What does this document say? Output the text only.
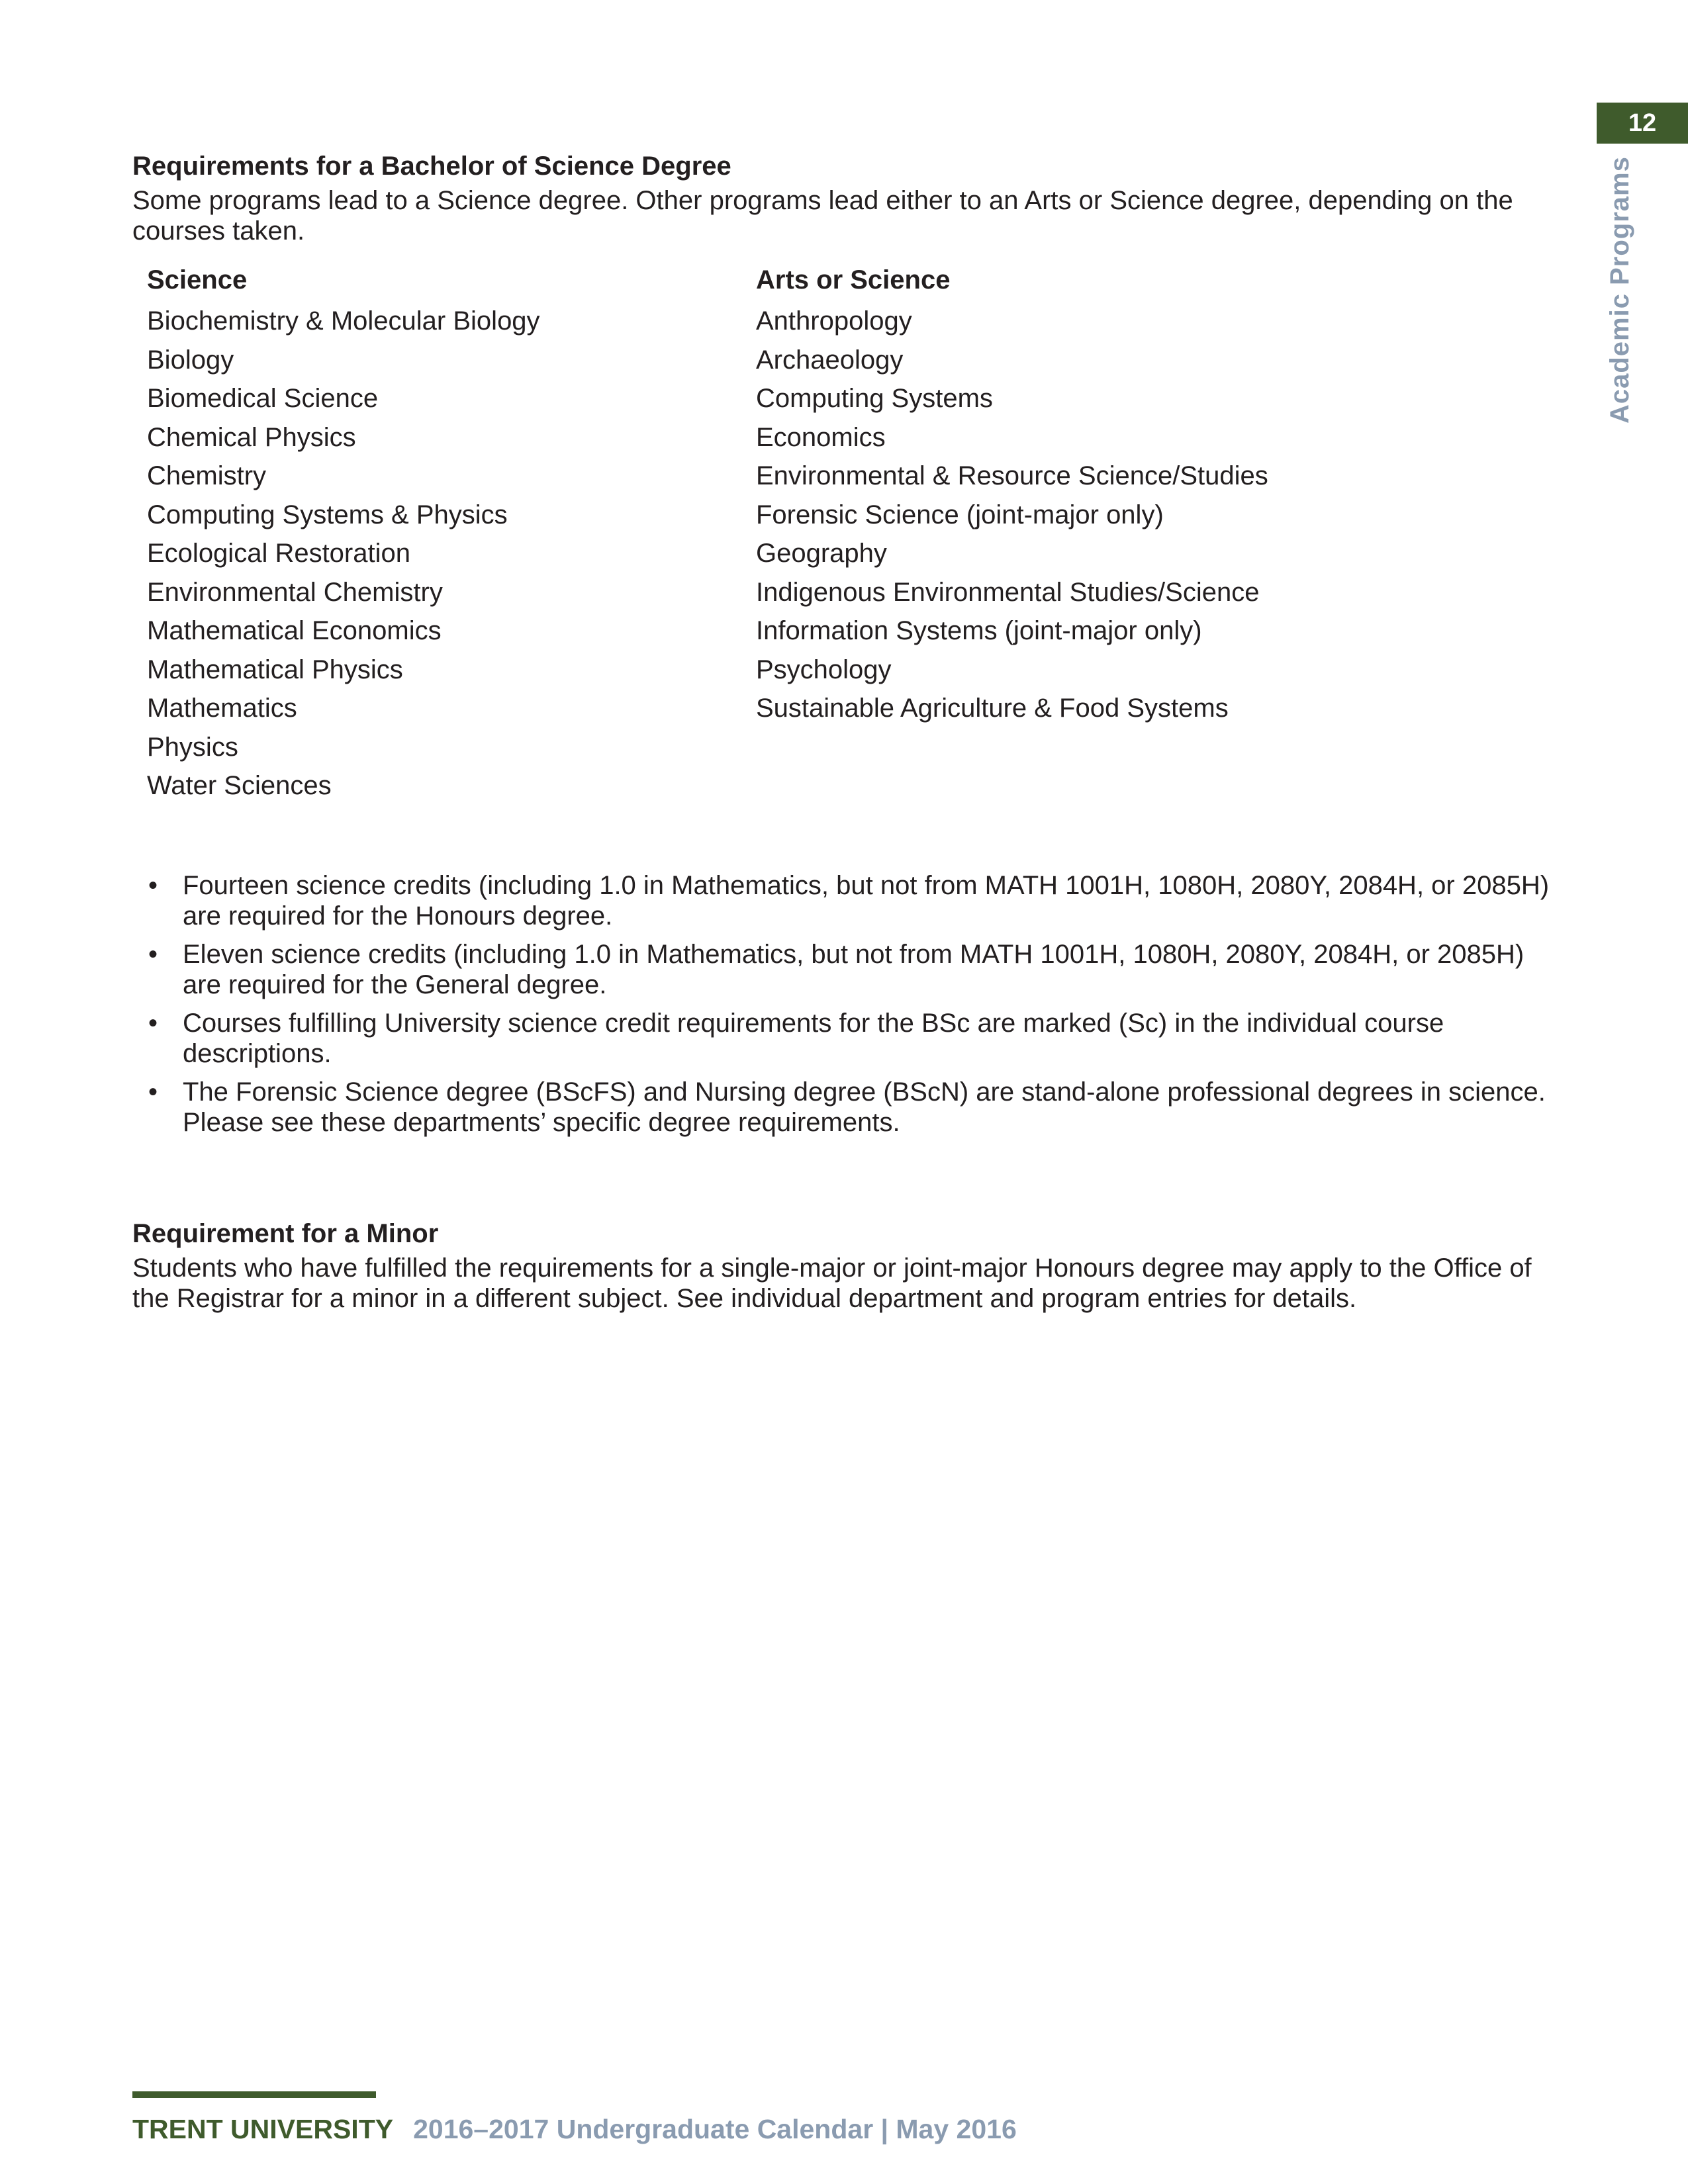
12
Academic Programs
Requirements for a Bachelor of Science Degree

Some programs lead to a Science degree. Other programs lead either to an Arts or Science degree, depending on the courses taken.

Science
Biochemistry & Molecular Biology
Biology
Biomedical Science
Chemical Physics
Chemistry
Computing Systems & Physics
Ecological Restoration
Environmental Chemistry
Mathematical Economics
Mathematical Physics
Mathematics
Physics
Water Sciences
Arts or Science
Anthropology
Archaeology
Computing Systems
Economics
Environmental & Resource Science/Studies
Forensic Science (joint-major only)
Geography
Indigenous Environmental Studies/Science
Information Systems (joint-major only)
Psychology
Sustainable Agriculture & Food Systems
• Fourteen science credits (including 1.0 in Mathematics, but not from MATH 1001H, 1080H, 2080Y, 2084H, or 2085H) are required for the Honours degree.
• Eleven science credits (including 1.0 in Mathematics, but not from MATH 1001H, 1080H, 2080Y, 2084H, or 2085H) are required for the General degree.
• Courses fulfilling University science credit requirements for the BSc are marked (Sc) in the individual course descriptions.
• The Forensic Science degree (BScFS) and Nursing degree (BScN) are stand-alone professional degrees in science. Please see these departments’ specific degree requirements.
Requirement for a Minor

Students who have fulfilled the requirements for a single-major or joint-major Honours degree may apply to the Office of the Registrar for a minor in a different subject. See individual department and program entries for details.

TRENT UNIVERSITY 2016–2017 Undergraduate Calendar | May 2016
